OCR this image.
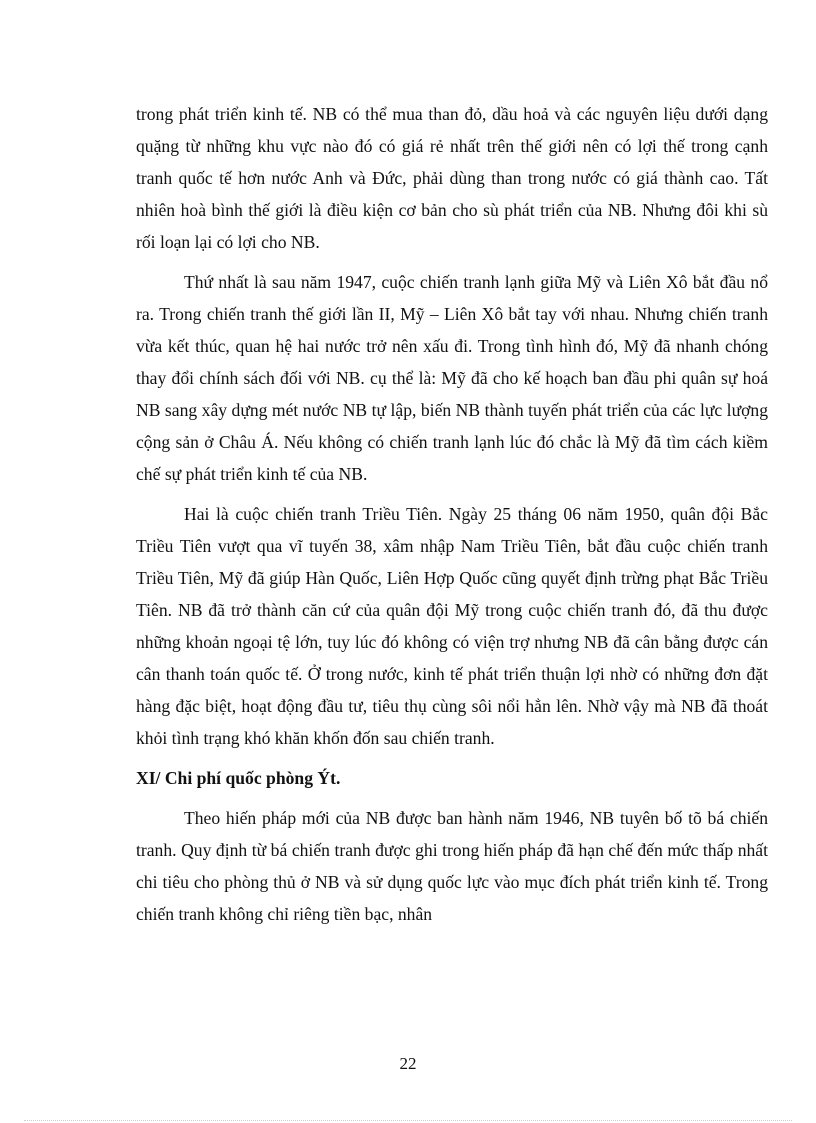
trong phát triển kinh tế. NB có thể mua than đỏ, dầu hoả và các nguyên liệu dưới dạng quặng từ những khu vực nào đó có giá rẻ nhất trên thế giới nên có lợi thế trong cạnh tranh quốc tế hơn nước Anh và Đức, phải dùng than trong nước có giá thành cao. Tất nhiên hoà bình thế giới là điều kiện cơ bản cho sù phát triển của NB. Nhưng đôi khi sù rối loạn lại có lợi cho NB.

Thứ nhất là sau năm 1947, cuộc chiến tranh lạnh giữa Mỹ và Liên Xô bắt đầu nổ ra. Trong chiến tranh thế giới lần II, Mỹ – Liên Xô bắt tay với nhau. Nhưng chiến tranh vừa kết thúc, quan hệ hai nước trở nên xấu đi. Trong tình hình đó, Mỹ đã nhanh chóng thay đổi chính sách đối với NB. cụ thể là: Mỹ đã cho kế hoạch ban đầu phi quân sự hoá NB sang xây dựng mét nước NB tự lập, biến NB thành tuyến phát triển của các lực lượng cộng sản ở Châu Á. Nếu không có chiến tranh lạnh lúc đó chắc là Mỹ đã tìm cách kiềm chế sự phát triển kinh tế của NB.

Hai là cuộc chiến tranh Triều Tiên. Ngày 25 tháng 06 năm 1950, quân đội Bắc Triều Tiên vượt qua vĩ tuyến 38, xâm nhập Nam Triều Tiên, bắt đầu cuộc chiến tranh Triều Tiên, Mỹ đã giúp Hàn Quốc, Liên Hợp Quốc cũng quyết định trừng phạt Bắc Triều Tiên. NB đã trở thành căn cứ của quân đội Mỹ trong cuộc chiến tranh đó, đã thu được những khoản ngoại tệ lớn, tuy lúc đó không có viện trợ nhưng NB đã cân bằng được cán cân thanh toán quốc tế. Ở trong nước, kinh tế phát triển thuận lợi nhờ có những đơn đặt hàng đặc biệt, hoạt động đầu tư, tiêu thụ cùng sôi nổi hẳn lên. Nhờ vậy mà NB đã thoát khỏi tình trạng khó khăn khốn đốn sau chiến tranh.

XI/ Chi phí quốc phòng Ýt.

Theo hiến pháp mới của NB được ban hành năm 1946, NB tuyên bố tõ bá chiến tranh. Quy định từ bá chiến tranh được ghi trong hiến pháp đã hạn chế đến mức thấp nhất chi tiêu cho phòng thủ ở NB và sử dụng quốc lực vào mục đích phát triển kinh tế. Trong chiến tranh không chỉ riêng tiền bạc, nhân

22
